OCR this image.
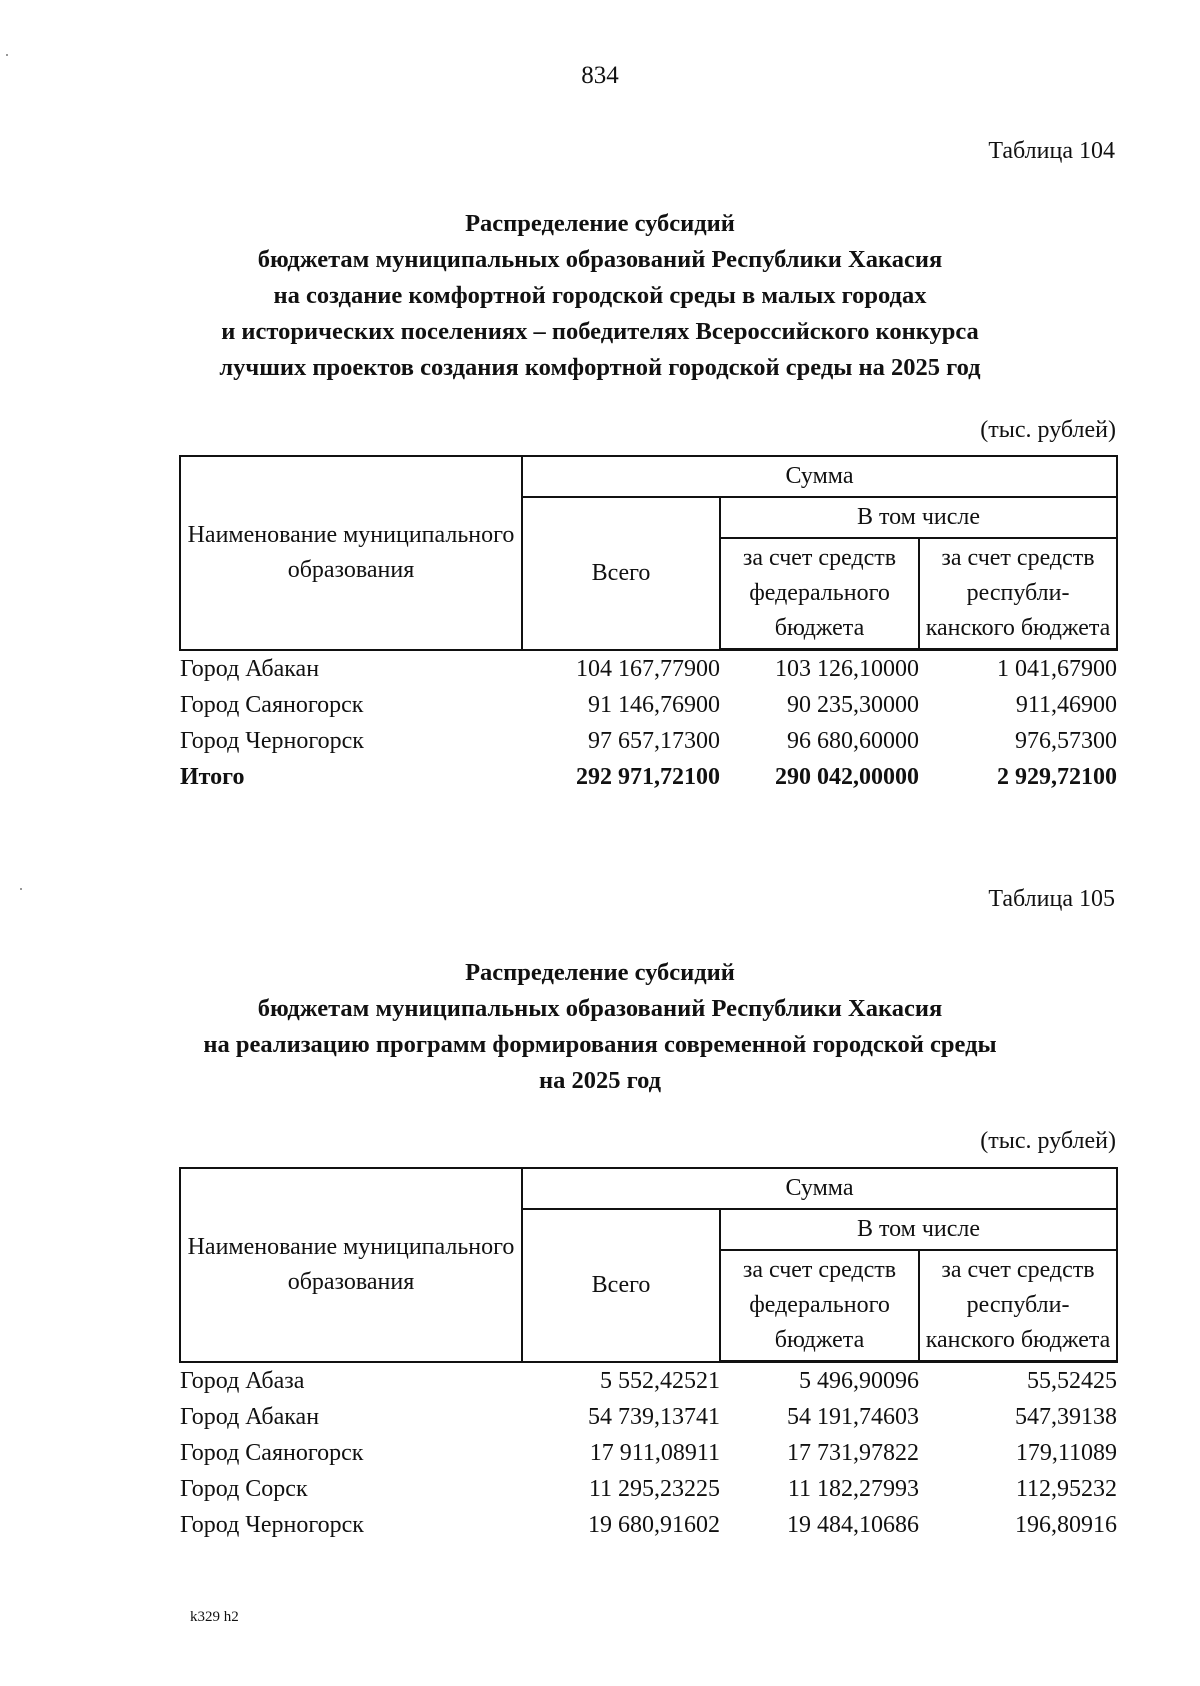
834
Таблица 104
Распределение субсидий
бюджетам муниципальных образований Республики Хакасия
на создание комфортной городской среды в малых городах
и исторических поселениях – победителях Всероссийского конкурса
лучших проектов создания комфортной городской среды на 2025 год
(тыс. рублей)
Наименование муниципального образования	Сумма		
	Всего	В том числе	
		за счет средств федерального бюджета	за счет средств республи- канского бюджета
Город Абакан	104 167,77900	103 126,10000	1 041,67900
Город Саяногорск	91 146,76900	90 235,30000	911,46900
Город Черногорск	97 657,17300	96 680,60000	976,57300
Итого	292 971,72100	290 042,00000	2 929,72100
Таблица 105
Распределение субсидий
бюджетам муниципальных образований Республики Хакасия
на реализацию программ формирования современной городской среды
на 2025 год
(тыс. рублей)
Наименование муниципального образования	Сумма		
	Всего	В том числе	
		за счет средств федерального бюджета	за счет средств республи- канского бюджета
Город Абаза	5 552,42521	5 496,90096	55,52425
Город Абакан	54 739,13741	54 191,74603	547,39138
Город Саяногорск	17 911,08911	17 731,97822	179,11089
Город Сорск	11 295,23225	11 182,27993	112,95232
Город Черногорск	19 680,91602	19 484,10686	196,80916
k329 h2
